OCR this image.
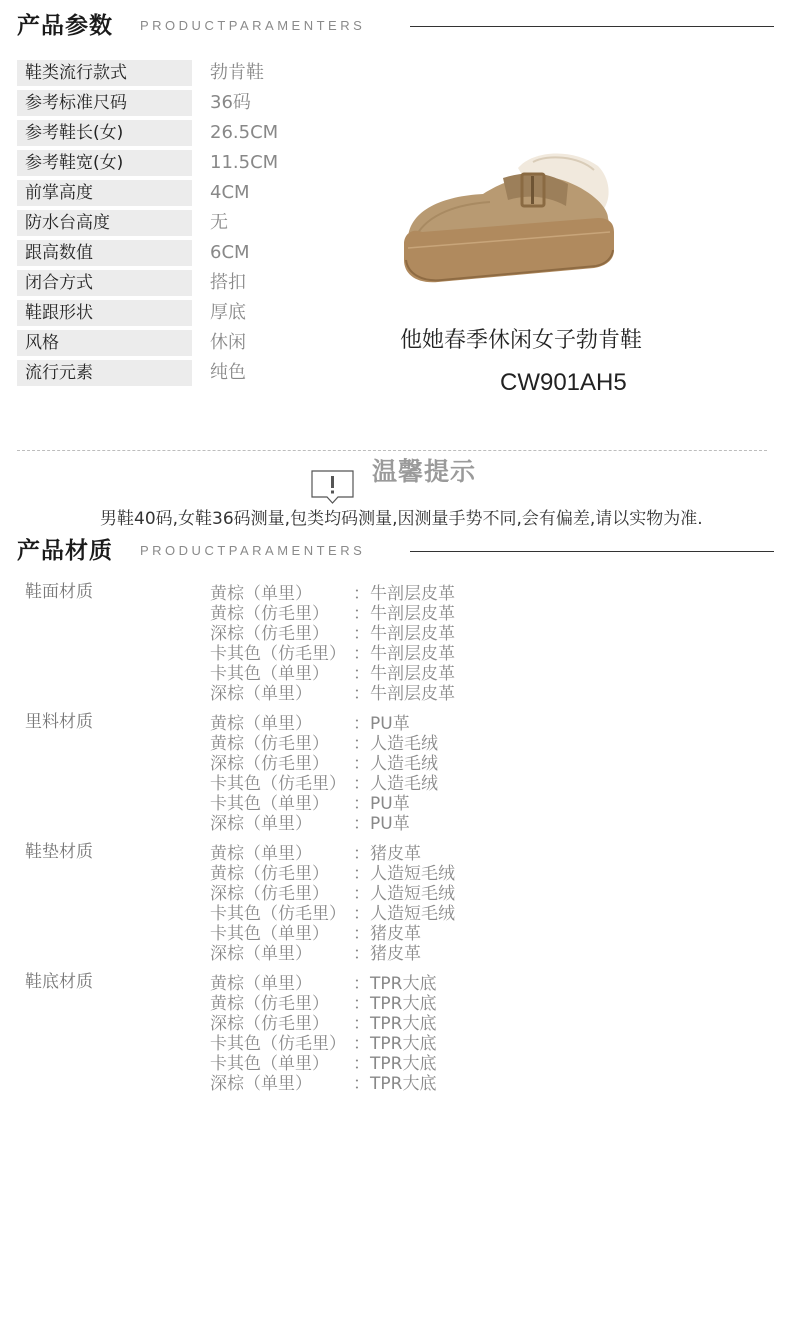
产品参数 PRODUCTPARAMENTERS
鞋类流行款式	勃肯鞋
参考标准尺码	36码
参考鞋长(女)	26.5CM
参考鞋宽(女)	11.5CM
前掌高度	4CM
防水台高度	无
跟高数值	6CM
闭合方式	搭扣
鞋跟形状	厚底
风格	休闲
流行元素	纯色
他她春季休闲女子勃肯鞋
CW901AH5
温馨提示
男鞋40码,女鞋36码测量,包类均码测量,因测量手势不同,会有偏差,请以实物为准.
产品材质 PRODUCTPARAMENTERS
鞋面材质	黄棕（单里） ：牛剖层皮革
黄棕（仿毛里） ：牛剖层皮革
深棕（仿毛里） ：牛剖层皮革
卡其色（仿毛里） ：牛剖层皮革
卡其色（单里） ：牛剖层皮革
深棕（单里） ：牛剖层皮革
里料材质	黄棕（单里） ：PU革
黄棕（仿毛里） ：人造毛绒
深棕（仿毛里） ：人造毛绒
卡其色（仿毛里） ：人造毛绒
卡其色（单里） ：PU革
深棕（单里） ：PU革
鞋垫材质	黄棕（单里） ：猪皮革
黄棕（仿毛里） ：人造短毛绒
深棕（仿毛里） ：人造短毛绒
卡其色（仿毛里） ：人造短毛绒
卡其色（单里） ：猪皮革
深棕（单里） ：猪皮革
鞋底材质	黄棕（单里） ：TPR大底
黄棕（仿毛里） ：TPR大底
深棕（仿毛里） ：TPR大底
卡其色（仿毛里） ：TPR大底
卡其色（单里） ：TPR大底
深棕（单里） ：TPR大底
